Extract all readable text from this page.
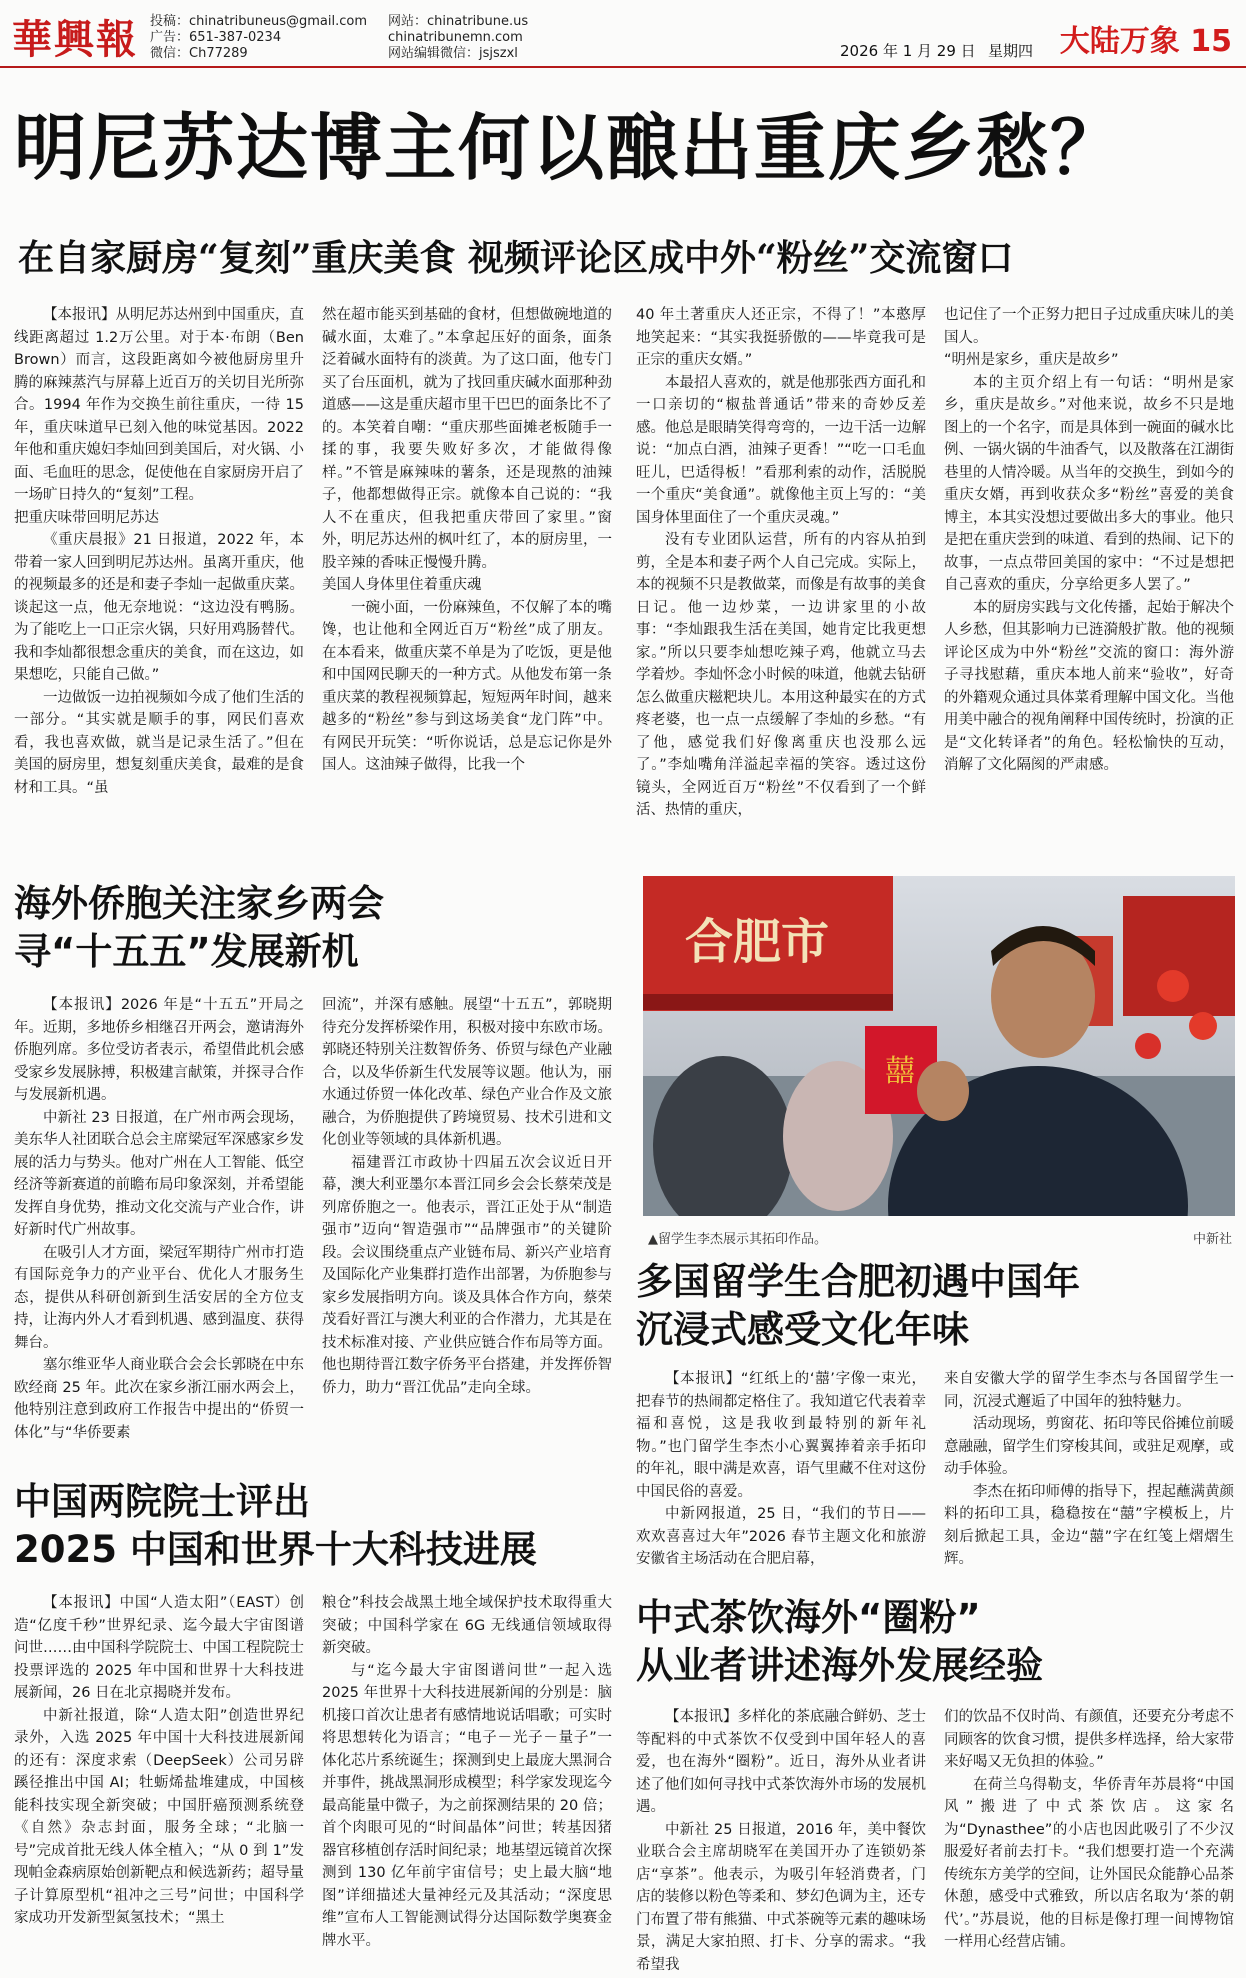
華興報 投稿：chinatribuneus@gmail.com
广告：651-387-0234
微信：Ch77289
网站：chinatribune.us
chinatribunemn.com
网站编辑微信：jsjszxl	2026 年 1 月 29 日 星期四 大陆万象 15
明尼苏达博主何以酿出重庆乡愁？
在自家厨房“复刻”重庆美食 视频评论区成中外“粉丝”交流窗口

【本报讯】从明尼苏达州到中国重庆，直线距离超过 1.2万公里。对于本·布朗（Ben Brown）而言，这段距离如今被他厨房里升腾的麻辣蒸汽与屏幕上近百万的关切目光所弥合。1994 年作为交换生前往重庆，一待 15 年，重庆味道早已刻入他的味觉基因。2022 年他和重庆媳妇李灿回到美国后，对火锅、小面、毛血旺的思念，促使他在自家厨房开启了一场旷日持久的“复刻”工程。

把重庆味带回明尼苏达

《重庆晨报》21 日报道，2022 年，本带着一家人回到明尼苏达州。虽离开重庆，他的视频最多的还是和妻子李灿一起做重庆菜。谈起这一点，他无奈地说：“这边没有鸭肠。为了能吃上一口正宗火锅，只好用鸡肠替代。我和李灿都很想念重庆的美食，而在这边，如果想吃，只能自己做。”

一边做饭一边拍视频如今成了他们生活的一部分。“其实就是顺手的事，网民们喜欢看，我也喜欢做，就当是记录生活了。”但在美国的厨房里，想复刻重庆美食，最难的是食材和工具。“虽

然在超市能买到基础的食材，但想做碗地道的碱水面，太难了。”本拿起压好的面条，面条泛着碱水面特有的淡黄。为了这口面，他专门买了台压面机，就为了找回重庆碱水面那种劲道感——这是重庆超市里干巴巴的面条比不了的。本笑着自嘲：“重庆那些面摊老板随手一揉的事，我要失败好多次，才能做得像样。”不管是麻辣味的薯条，还是现熬的油辣子，他都想做得正宗。就像本自己说的：“我人不在重庆，但我把重庆带回了家里。”窗外，明尼苏达州的枫叶红了，本的厨房里，一股辛辣的香味正慢慢升腾。

美国人身体里住着重庆魂

一碗小面，一份麻辣鱼，不仅解了本的嘴馋，也让他和全网近百万“粉丝”成了朋友。在本看来，做重庆菜不单是为了吃饭，更是他和中国网民聊天的一种方式。从他发布第一条重庆菜的教程视频算起，短短两年时间，越来越多的“粉丝”参与到这场美食“龙门阵”中。有网民开玩笑：“听你说话，总是忘记你是外国人。这油辣子做得，比我一个

40 年土著重庆人还正宗，不得了！”本憨厚地笑起来：“其实我挺骄傲的——毕竟我可是正宗的重庆女婿。”

本最招人喜欢的，就是他那张西方面孔和一口亲切的“椒盐普通话”带来的奇妙反差感。他总是眼睛笑得弯弯的，一边干活一边解说：“加点白酒，油辣子更香！”“吃一口毛血旺儿，巴适得板！”看那利索的动作，活脱脱一个重庆“美食通”。就像他主页上写的：“美国身体里面住了一个重庆灵魂。”

没有专业团队运营，所有的内容从拍到剪，全是本和妻子两个人自己完成。实际上，本的视频不只是教做菜，而像是有故事的美食日记。他一边炒菜，一边讲家里的小故事：“李灿跟我生活在美国，她肯定比我更想家。”所以只要李灿想吃辣子鸡，他就立马去学着炒。李灿怀念小时候的味道，他就去钻研怎么做重庆糍粑块儿。本用这种最实在的方式疼老婆，也一点一点缓解了李灿的乡愁。“有了他，感觉我们好像离重庆也没那么远了。”李灿嘴角洋溢起幸福的笑容。透过这份镜头，全网近百万“粉丝”不仅看到了一个鲜活、热情的重庆，

也记住了一个正努力把日子过成重庆味儿的美国人。

“明州是家乡，重庆是故乡”

本的主页介绍上有一句话：“明州是家乡，重庆是故乡。”对他来说，故乡不只是地图上的一个名字，而是具体到一碗面的碱水比例、一锅火锅的牛油香气，以及散落在江湖街巷里的人情冷暖。从当年的交换生，到如今的重庆女婿，再到收获众多“粉丝”喜爱的美食博主，本其实没想过要做出多大的事业。他只是把在重庆尝到的味道、看到的热闹、记下的故事，一点点带回美国的家中：“不过是想把自己喜欢的重庆，分享给更多人罢了。”

本的厨房实践与文化传播，起始于解决个人乡愁，但其影响力已涟漪般扩散。他的视频评论区成为中外“粉丝”交流的窗口：海外游子寻找慰藉，重庆本地人前来“验收”，好奇的外籍观众通过具体菜肴理解中国文化。当他用美中融合的视角阐释中国传统时，扮演的正是“文化转译者”的角色。轻松愉快的互动，消解了文化隔阂的严肃感。

海外侨胞关注家乡两会
寻“十五五”发展新机

【本报讯】2026 年是“十五五”开局之年。近期，多地侨乡相继召开两会，邀请海外侨胞列席。多位受访者表示，希望借此机会感受家乡发展脉搏，积极建言献策，并探寻合作与发展新机遇。

中新社 23 日报道，在广州市两会现场，美东华人社团联合总会主席梁冠军深感家乡发展的活力与势头。他对广州在人工智能、低空经济等新赛道的前瞻布局印象深刻，并希望能发挥自身优势，推动文化交流与产业合作，讲好新时代广州故事。

在吸引人才方面，梁冠军期待广州市打造有国际竞争力的产业平台、优化人才服务生态，提供从科研创新到生活安居的全方位支持，让海内外人才看到机遇、感到温度、获得舞台。

塞尔维亚华人商业联合会会长郭晓在中东欧经商 25 年。此次在家乡浙江丽水两会上，他特别注意到政府工作报告中提出的“侨贸一体化”与“华侨要素

回流”，并深有感触。展望“十五五”，郭晓期待充分发挥桥梁作用，积极对接中东欧市场。郭晓还特别关注数智侨务、侨贸与绿色产业融合，以及华侨新生代发展等议题。他认为，丽水通过侨贸一体化改革、绿色产业合作及文旅融合，为侨胞提供了跨境贸易、技术引进和文化创业等领域的具体新机遇。

福建晋江市政协十四届五次会议近日开幕，澳大利亚墨尔本晋江同乡会会长蔡荣茂是列席侨胞之一。他表示，晋江正处于从“制造强市”迈向“智造强市”“品牌强市”的关键阶段。会议围绕重点产业链布局、新兴产业培育及国际化产业集群打造作出部署，为侨胞参与家乡发展指明方向。谈及具体合作方向，蔡荣茂看好晋江与澳大利亚的合作潜力，尤其是在技术标准对接、产业供应链合作布局等方面。他也期待晋江数字侨务平台搭建，并发挥侨智侨力，助力“晋江优品”走向全球。

中国两院院士评出
2025 中国和世界十大科技进展

【本报讯】中国“人造太阳”（EAST）创造“亿度千秒”世界纪录、迄今最大宇宙图谱问世……由中国科学院院士、中国工程院院士投票评选的 2025 年中国和世界十大科技进展新闻，26 日在北京揭晓并发布。

中新社报道，除“人造太阳”创造世界纪录外，入选 2025 年中国十大科技进展新闻的还有：深度求索（DeepSeek）公司另辟蹊径推出中国 AI；牡蛎烯盐堆建成，中国核能科技实现全新突破；中国肝癌预测系统登《自然》杂志封面，服务全球；“北脑一号”完成首批无线人体全植入；“从 0 到 1”发现帕金森病原始创新靶点和候选新药；超导量子计算原型机“祖冲之三号”问世；中国科学家成功开发新型氮氢技术；“黑土

粮仓”科技会战黑土地全域保护技术取得重大突破；中国科学家在 6G 无线通信领域取得新突破。

与“迄今最大宇宙图谱问世”一起入选 2025 年世界十大科技进展新闻的分别是：脑机接口首次让患者有感情地说话唱歌；可实时将思想转化为语言；“电子－光子－量子”一体化芯片系统诞生；探测到史上最庞大黑洞合并事件，挑战黑洞形成模型；科学家发现迄今最高能量中微子，为之前探测结果的 20 倍；首个肉眼可见的“时间晶体”问世；转基因猪器官移植创存活时间纪录；地基望远镜首次探测到 130 亿年前宇宙信号；史上最大脑“地图”详细描述大量神经元及其活动；“深度思维”宣布人工智能测试得分达国际数学奥赛金牌水平。

合肥市
囍
▲留学生李杰展示其拓印作品。	中新社
多国留学生合肥初遇中国年
沉浸式感受文化年味

【本报讯】“红纸上的‘囍’字像一束光，把春节的热闹都定格住了。我知道它代表着幸福和喜悦，这是我收到最特别的新年礼物。”也门留学生李杰小心翼翼捧着亲手拓印的年礼，眼中满是欢喜，语气里藏不住对这份中国民俗的喜爱。

中新网报道，25 日，“我们的节日——欢欢喜喜过大年”2026 春节主题文化和旅游安徽省主场活动在合肥启幕，

来自安徽大学的留学生李杰与各国留学生一同，沉浸式邂逅了中国年的独特魅力。

活动现场，剪窗花、拓印等民俗摊位前暖意融融，留学生们穿梭其间，或驻足观摩，或动手体验。

李杰在拓印师傅的指导下，捏起蘸满黄颜料的拓印工具，稳稳按在“囍”字模板上，片刻后掀起工具，金边“囍”字在红笺上熠熠生辉。

中式茶饮海外“圈粉”
从业者讲述海外发展经验

【本报讯】多样化的茶底融合鲜奶、芝士等配料的中式茶饮不仅受到中国年轻人的喜爱，也在海外“圈粉”。近日，海外从业者讲述了他们如何寻找中式茶饮海外市场的发展机遇。

中新社 25 日报道，2016 年，美中餐饮业联合会主席胡晓军在美国开办了连锁奶茶店“享茶”。他表示，为吸引年轻消费者，门店的装修以粉色等柔和、梦幻色调为主，还专门布置了带有熊猫、中式茶碗等元素的趣味场景，满足大家拍照、打卡、分享的需求。“我希望我

们的饮品不仅时尚、有颜值，还要充分考虑不同顾客的饮食习惯，提供多样选择，给大家带来好喝又无负担的体验。”

在荷兰乌得勒支，华侨青年苏晨将“中国风”搬进了中式茶饮店。这家名为“Dynasthee”的小店也因此吸引了不少汉服爱好者前去打卡。“我们想要打造一个充满传统东方美学的空间，让外国民众能静心品茶休憩，感受中式雅致，所以店名取为‘茶的朝代’。”苏晨说，他的目标是像打理一间博物馆一样用心经营店铺。
